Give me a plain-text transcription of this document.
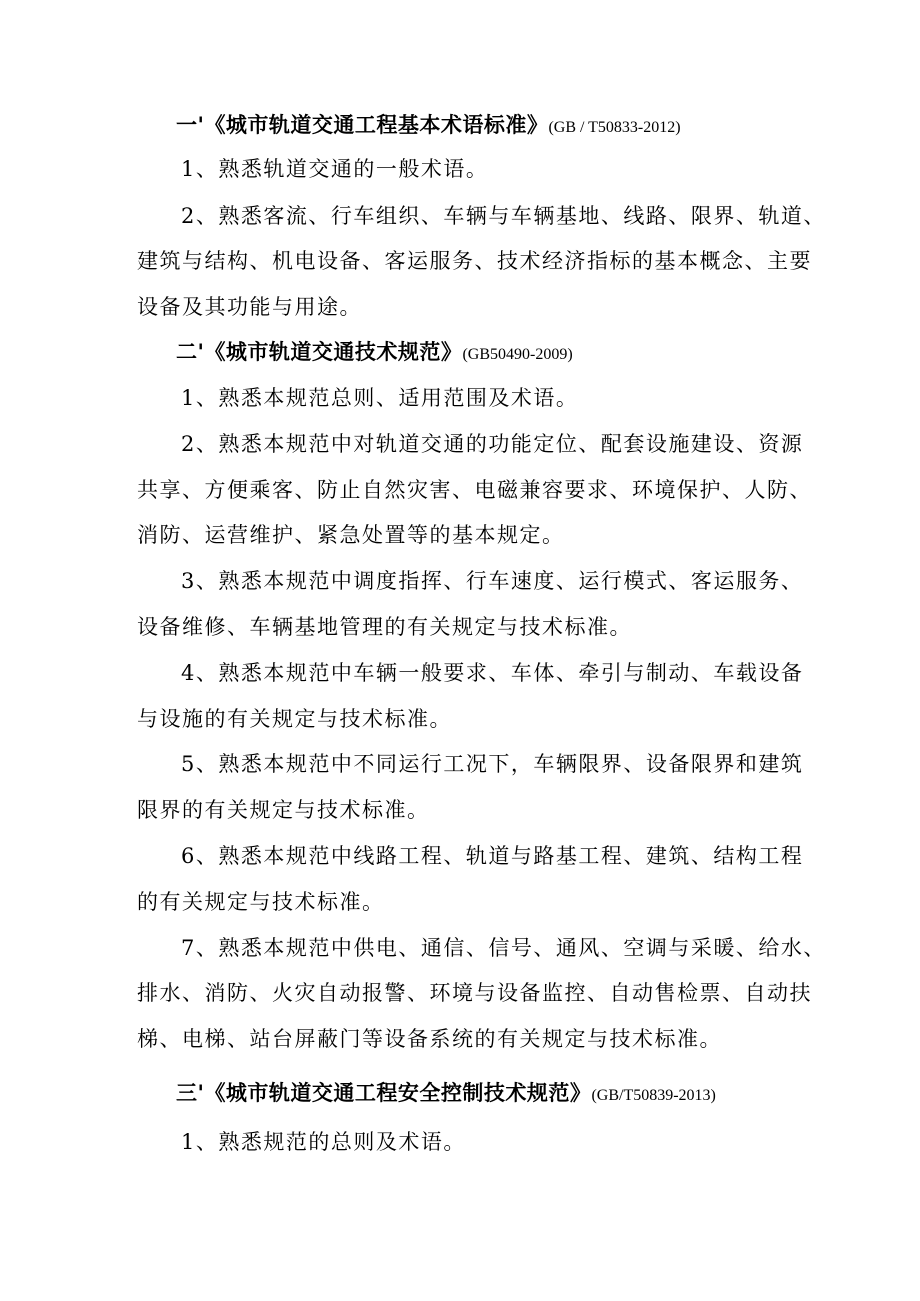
一'《城市轨道交通工程基本术语标准》(GB / T50833-2012)
1、熟悉轨道交通的一般术语。
2、熟悉客流、行车组织、车辆与车辆基地、线路、限界、轨道、
建筑与结构、机电设备、客运服务、技术经济指标的基本概念、主要
设备及其功能与用途。
二'《城市轨道交通技术规范》(GB50490-2009)
1、熟悉本规范总则、适用范围及术语。
2、熟悉本规范中对轨道交通的功能定位、配套设施建设、资源
共享、方便乘客、防止自然灾害、电磁兼容要求、环境保护、人防、
消防、运营维护、紧急处置等的基本规定。
3、熟悉本规范中调度指挥、行车速度、运行模式、客运服务、
设备维修、车辆基地管理的有关规定与技术标准。
4、熟悉本规范中车辆一般要求、车体、牵引与制动、车载设备
与设施的有关规定与技术标准。
5、熟悉本规范中不同运行工况下，车辆限界、设备限界和建筑
限界的有关规定与技术标准。
6、熟悉本规范中线路工程、轨道与路基工程、建筑、结构工程
的有关规定与技术标准。
7、熟悉本规范中供电、通信、信号、通风、空调与采暖、给水、
排水、消防、火灾自动报警、环境与设备监控、自动售检票、自动扶
梯、电梯、站台屏蔽门等设备系统的有关规定与技术标准。
三'《城市轨道交通工程安全控制技术规范》(GB/T50839-2013)
1、熟悉规范的总则及术语。
